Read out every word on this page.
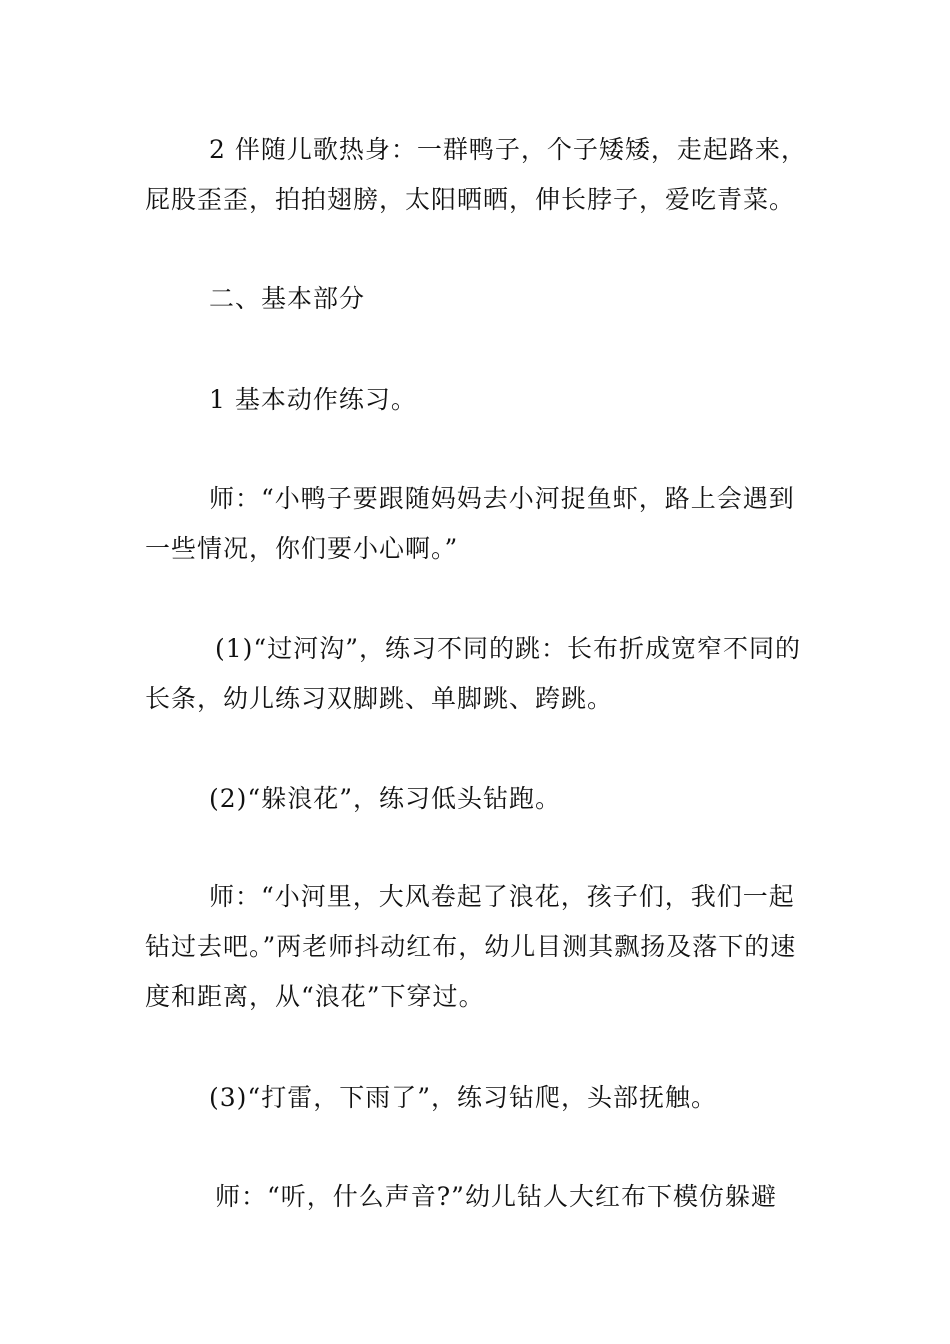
2 伴随儿歌热身：一群鸭子，个子矮矮，走起路来，屁股歪歪，拍拍翅膀，太阳晒晒，伸长脖子，爱吃青菜。

二、基本部分

1 基本动作练习。

师：“小鸭子要跟随妈妈去小河捉鱼虾，路上会遇到一些情况，你们要小心啊。”

(1)“过河沟”，练习不同的跳：长布折成宽窄不同的长条，幼儿练习双脚跳、单脚跳、跨跳。

(2)“躲浪花”，练习低头钻跑。

师：“小河里，大风卷起了浪花，孩子们，我们一起钻过去吧。”两老师抖动红布，幼儿目测其飘扬及落下的速度和距离，从“浪花”下穿过。

(3)“打雷，下雨了”，练习钻爬，头部抚触。

师：“听，什么声音?”幼儿钻人大红布下模仿躲避
